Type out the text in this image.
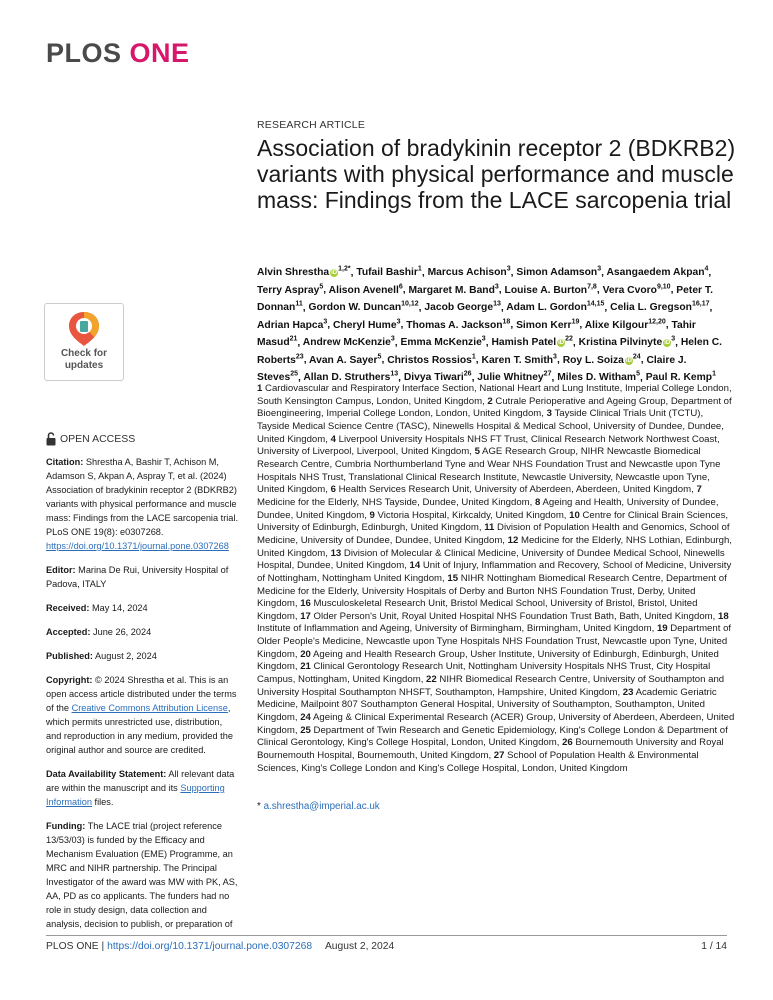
PLOS ONE
RESEARCH ARTICLE
Association of bradykinin receptor 2 (BDKRB2) variants with physical performance and muscle mass: Findings from the LACE sarcopenia trial
Alvin Shrestha $iD^{1,2*}$, Tufail Bashir$^1$, Marcus Achison$^3$, Simon Adamson$^3$, Asangaedem Akpan$^4$, Terry Aspray$^5$, Alison Avenell$^6$, Margaret M. Band$^3$, Louise A. Burton$^{7,8}$, Vera Cvoro$^{9,10}$, Peter T. Donnan$^{11}$, Gordon W. Duncan$^{10,12}$, Jacob George$^{13}$, Adam L. Gordon$^{14,15}$, Celia L. Gregson$^{16,17}$, Adrian Hapca$^3$, Cheryl Hume$^3$, Thomas A. Jackson$^{18}$, Simon Kerr$^{19}$, Alixe Kilgour$^{12,20}$, Tahir Masud$^{21}$, Andrew McKenzie$^3$, Emma McKenzie$^3$, Hamish Patel $iD^{22}$, Kristina Pilvinyte $iD^3$, Helen C. Roberts$^{23}$, Avan A. Sayer$^5$, Christos Rossios$^1$, Karen T. Smith$^3$, Roy L. Soiza $iD^{24}$, Claire J. Steves$^{25}$, Allan D. Struthers$^{13}$, Divya Tiwari$^{26}$, Julie Whitney$^{27}$, Miles D. Witham$^5$, Paul R. Kemp$^1$
1 Cardiovascular and Respiratory Interface Section, National Heart and Lung Institute, Imperial College London, South Kensington Campus, London, United Kingdom, 2 Cutrale Perioperative and Ageing Group, Department of Bioengineering, Imperial College London, London, United Kingdom, 3 Tayside Clinical Trials Unit (TCTU), Tayside Medical Science Centre (TASC), Ninewells Hospital & Medical School, University of Dundee, Dundee, United Kingdom, 4 Liverpool University Hospitals NHS FT Trust, Clinical Research Network Northwest Coast, University of Liverpool, Liverpool, United Kingdom, 5 AGE Research Group, NIHR Newcastle Biomedical Research Centre, Cumbria Northumberland Tyne and Wear NHS Foundation Trust and Newcastle upon Tyne Hospitals NHS Trust, Translational Clinical Research Institute, Newcastle University, Newcastle upon Tyne, United Kingdom, 6 Health Services Research Unit, University of Aberdeen, Aberdeen, United Kingdom, 7 Medicine for the Elderly, NHS Tayside, Dundee, United Kingdom, 8 Ageing and Health, University of Dundee, Dundee, United Kingdom, 9 Victoria Hospital, Kirkcaldy, United Kingdom, 10 Centre for Clinical Brain Sciences, University of Edinburgh, Edinburgh, United Kingdom, 11 Division of Population Health and Genomics, School of Medicine, University of Dundee, Dundee, United Kingdom, 12 Medicine for the Elderly, NHS Lothian, Edinburgh, United Kingdom, 13 Division of Molecular & Clinical Medicine, University of Dundee Medical School, Ninewells Hospital, Dundee, United Kingdom, 14 Unit of Injury, Inflammation and Recovery, School of Medicine, University of Nottingham, Nottingham United Kingdom, 15 NIHR Nottingham Biomedical Research Centre, Department of Medicine for the Elderly, University Hospitals of Derby and Burton NHS Foundation Trust, Derby, United Kingdom, 16 Musculoskeletal Research Unit, Bristol Medical School, University of Bristol, Bristol, United Kingdom, 17 Older Person's Unit, Royal United Hospital NHS Foundation Trust Bath, Bath, United Kingdom, 18 Institute of Inflammation and Ageing, University of Birmingham, Birmingham, United Kingdom, 19 Department of Older People's Medicine, Newcastle upon Tyne Hospitals NHS Foundation Trust, Newcastle upon Tyne, United Kingdom, 20 Ageing and Health Research Group, Usher Institute, University of Edinburgh, Edinburgh, United Kingdom, 21 Clinical Gerontology Research Unit, Nottingham University Hospitals NHS Trust, City Hospital Campus, Nottingham, United Kingdom, 22 NIHR Biomedical Research Centre, University of Southampton and University Hospital Southampton NHSFT, Southampton, Hampshire, United Kingdom, 23 Academic Geriatric Medicine, Mailpoint 807 Southampton General Hospital, University of Southampton, Southampton, United Kingdom, 24 Ageing & Clinical Experimental Research (ACER) Group, University of Aberdeen, Aberdeen, United Kingdom, 25 Department of Twin Research and Genetic Epidemiology, King's College London & Department of Clinical Gerontology, King's College Hospital, London, United Kingdom, 26 Bournemouth University and Royal Bournemouth Hospital, Bournemouth, United Kingdom, 27 School of Population Health & Environmental Sciences, King's College London and King's College Hospital, London, United Kingdom
* a.shrestha@imperial.ac.uk
Check for
updates
OPEN ACCESS

Citation: Shrestha A, Bashir T, Achison M, Adamson S, Akpan A, Aspray T, et al. (2024) Association of bradykinin receptor 2 (BDKRB2) variants with physical performance and muscle mass: Findings from the LACE sarcopenia trial. PLoS ONE 19(8): e0307268. https://doi.org/10.1371/journal.pone.0307268

Editor: Marina De Rui, University Hospital of Padova, ITALY

Received: May 14, 2024

Accepted: June 26, 2024

Published: August 2, 2024

Copyright: © 2024 Shrestha et al. This is an open access article distributed under the terms of the Creative Commons Attribution License, which permits unrestricted use, distribution, and reproduction in any medium, provided the original author and source are credited.

Data Availability Statement: All relevant data are within the manuscript and its Supporting Information files.

Funding: The LACE trial (project reference 13/53/03) is funded by the Efficacy and Mechanism Evaluation (EME) Programme, an MRC and NIHR partnership. The Principal Investigator of the award was MW with PK, AS, AA, PD as co applicants. The funders had no role in study design, data collection and analysis, decision to publish, or preparation of

PLOS ONE | https://doi.org/10.1371/journal.pone.0307268 August 2, 2024	1 / 14
